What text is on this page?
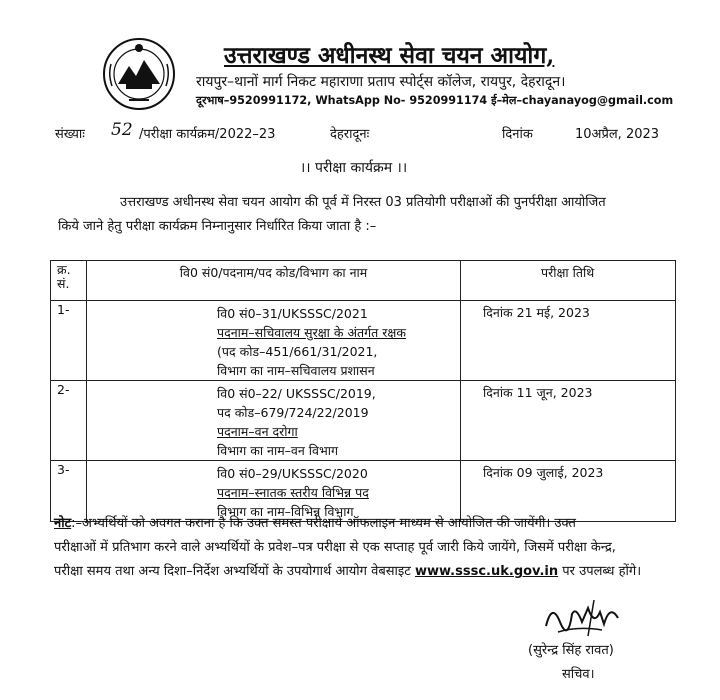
उत्तराखण्ड अधीनस्थ सेवा चयन आयोग,
रायपुर–थानों मार्ग निकट महाराणा प्रताप स्पोर्ट्स कॉलेज, रायपुर, देहरादून।
दूरभाष–9520991172, WhatsApp No- 9520991174 ई–मेल–chayanayog@gmail.com
संख्याः 52 /परीक्षा कार्यक्रम/2022–23	देहरादूनः	दिनांक	10अप्रैल, 2023
।। परीक्षा कार्यक्रम ।।
उत्तराखण्ड अधीनस्थ सेवा चयन आयोग की पूर्व में निरस्त 03 प्रतियोगी परीक्षाओं की पुनर्परीक्षा आयोजित
किये जाने हेतु परीक्षा कार्यक्रम निम्नानुसार निर्धारित किया जाता है :–
क्र.
सं.	वि0 सं0/पदनाम/पद कोड/विभाग का नाम	परीक्षा तिथि
1-	वि0 सं0–31/UKSSSC/2021
पदनाम–सचिवालय सुरक्षा के अंतर्गत रक्षक
(पद कोड–451/661/31/2021,
विभाग का नाम–सचिवालय प्रशासन	दिनांक 21 मई, 2023
2-	वि0 सं0–22/ UKSSSC/2019,
पद कोड–679/724/22/2019
पदनाम–वन दरोगा
विभाग का नाम–वन विभाग	दिनांक 11 जून, 2023
3-	वि0 सं0–29/UKSSSC/2020
पदनाम–स्नातक स्तरीय विभिन्न पद
विभाग का नाम–विभिन्न विभाग	दिनांक 09 जुलाई, 2023
नोट:–अभ्यर्थियों को अवगत कराना है कि उक्त समस्त परीक्षायें ऑफलाइन माध्यम से आयोजित की जायेंगी। उक्त
परीक्षाओं में प्रतिभाग करने वाले अभ्यर्थियों के प्रवेश–पत्र परीक्षा से एक सप्ताह पूर्व जारी किये जायेंगे, जिसमें परीक्षा केन्द्र,
परीक्षा समय तथा अन्य दिशा–निर्देश अभ्यर्थियों के उपयोगार्थ आयोग वेबसाइट www.sssc.uk.gov.in पर उपलब्ध होंगे।
(सुरेन्द्र सिंह रावत)
सचिव।
